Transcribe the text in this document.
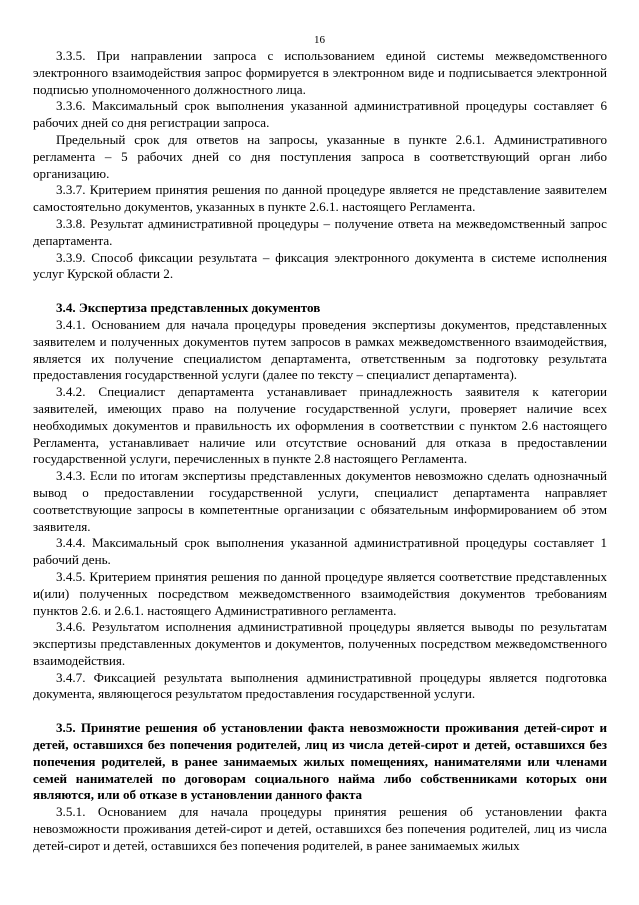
16

3.3.5. При направлении запроса с использованием единой системы межведомственного электронного взаимодействия запрос формируется в электронном виде и подписывается электронной подписью уполномоченного должностного лица.

3.3.6. Максимальный срок выполнения указанной административной процедуры составляет 6 рабочих дней со дня регистрации запроса.

Предельный срок для ответов на запросы, указанные в пункте 2.6.1. Административного регламента – 5 рабочих дней со дня поступления запроса в соответствующий орган либо организацию.

3.3.7. Критерием принятия решения по данной процедуре является не представление заявителем самостоятельно документов, указанных в пункте 2.6.1. настоящего Регламента.

3.3.8. Результат административной процедуры – получение ответа на межведомственный запрос департамента.

3.3.9. Способ фиксации результата – фиксация электронного документа в системе исполнения услуг Курской области 2.

3.4. Экспертиза представленных документов

3.4.1. Основанием для начала процедуры проведения экспертизы документов, представленных заявителем и полученных документов путем запросов в рамках межведомственного взаимодействия, является их получение специалистом департамента, ответственным за подготовку результата предоставления государственной услуги (далее по тексту – специалист департамента).

3.4.2. Специалист департамента устанавливает принадлежность заявителя к категории заявителей, имеющих право на получение государственной услуги, проверяет наличие всех необходимых документов и правильность их оформления в соответствии с пунктом 2.6 настоящего Регламента, устанавливает наличие или отсутствие оснований для отказа в предоставлении государственной услуги, перечисленных в пункте 2.8 настоящего Регламента.

3.4.3. Если по итогам экспертизы представленных документов невозможно сделать однозначный вывод о предоставлении государственной услуги, специалист департамента направляет соответствующие запросы в компетентные организации с обязательным информированием об этом заявителя.

3.4.4. Максимальный срок выполнения указанной административной процедуры составляет 1 рабочий день.

3.4.5. Критерием принятия решения по данной процедуре является соответствие представленных и(или) полученных посредством межведомственного взаимодействия документов требованиям пунктов 2.6. и 2.6.1. настоящего Административного регламента.

3.4.6. Результатом исполнения административной процедуры является выводы по результатам экспертизы представленных документов и документов, полученных посредством межведомственного взаимодействия.

3.4.7. Фиксацией результата выполнения административной процедуры является подготовка документа, являющегося результатом предоставления государственной услуги.

3.5. Принятие решения об установлении факта невозможности проживания детей-сирот и детей, оставшихся без попечения родителей, лиц из числа детей-сирот и детей, оставшихся без попечения родителей, в ранее занимаемых жилых помещениях, нанимателями или членами семей нанимателей по договорам социального найма либо собственниками которых они являются, или об отказе в установлении данного факта

3.5.1. Основанием для начала процедуры принятия решения об установлении факта невозможности проживания детей-сирот и детей, оставшихся без попечения родителей, лиц из числа детей-сирот и детей, оставшихся без попечения родителей, в ранее занимаемых жилых
